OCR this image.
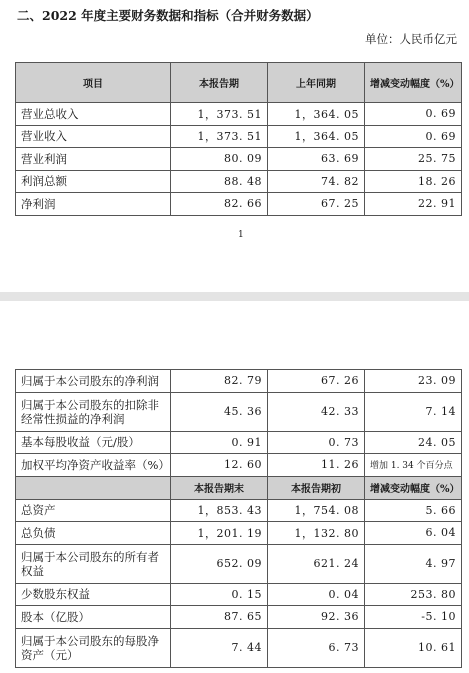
二、2022 年度主要财务数据和指标（合并财务数据）
单位：人民币亿元
项目	本报告期	上年同期	增减变动幅度（%）
营业总收入	1，373. 51	1，364. 05	0. 69
营业收入	1，373. 51	1，364. 05	0. 69
营业利润	80. 09	63. 69	25. 75
利润总额	88. 48	74. 82	18. 26
净利润	82. 66	67. 25	22. 91
1
归属于本公司股东的净利润	82. 79	67. 26	23. 09
归属于本公司股东的扣除非经常性损益的净利润	45. 36	42. 33	7. 14
基本每股收益（元/股）	0. 91	0. 73	24. 05
加权平均净资产收益率（%）	12. 60	11. 26	增加 1. 34 个百分点
	本报告期末	本报告期初	增减变动幅度（%）
总资产	1，853. 43	1，754. 08	5. 66
总负债	1，201. 19	1，132. 80	6. 04
归属于本公司股东的所有者权益	652. 09	621. 24	4. 97
少数股东权益	0. 15	0. 04	253. 80
股本（亿股）	87. 65	92. 36	-5. 10
归属于本公司股东的每股净资产（元）	7. 44	6. 73	10. 61
